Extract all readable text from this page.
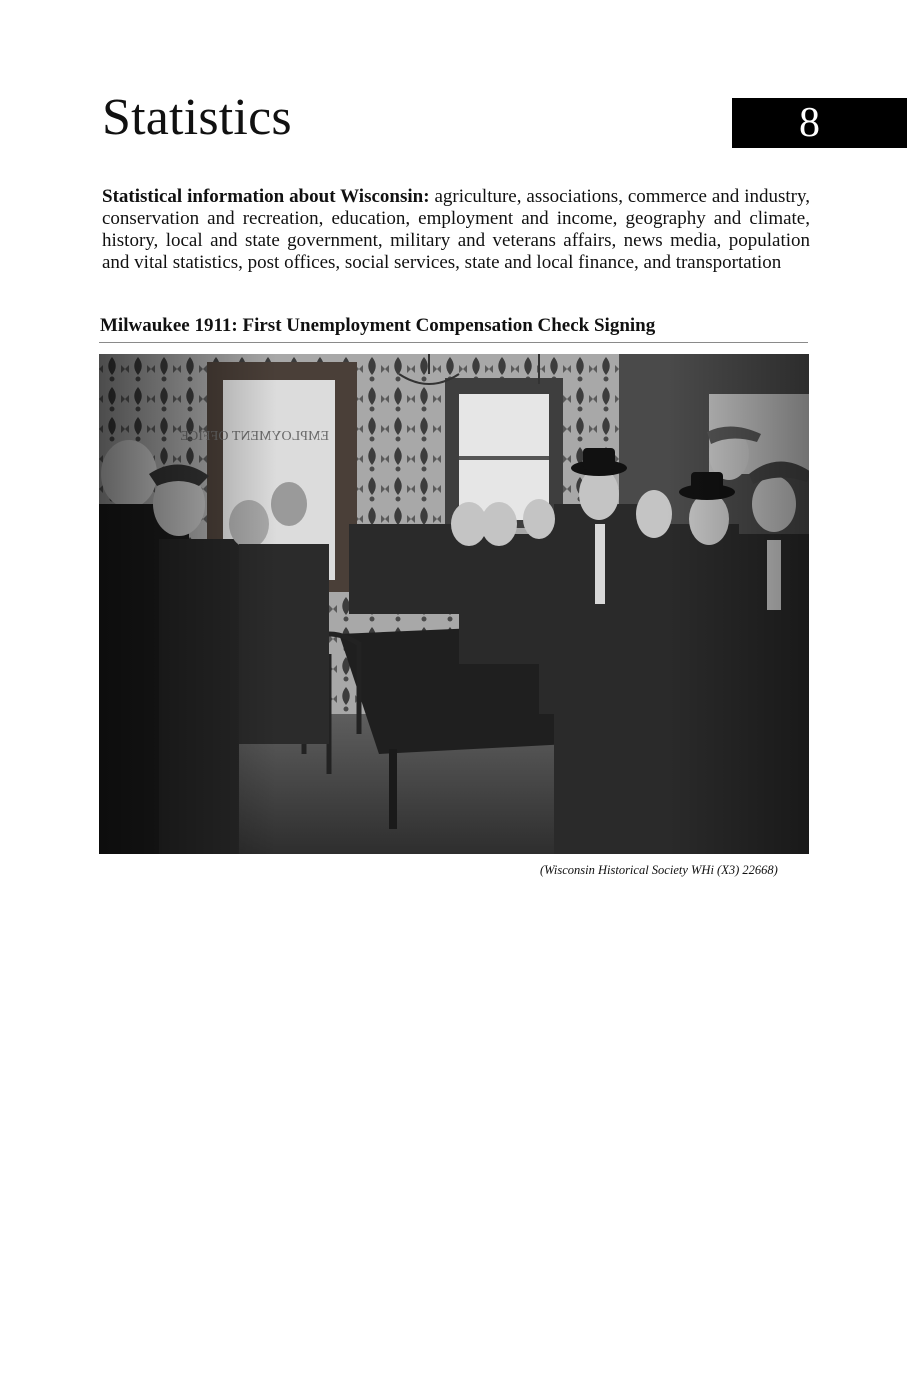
Statistics	8

Statistical information about Wisconsin: agriculture, associations, commerce and industry, conservation and recreation, education, employment and income, geography and climate, history, local and state government, military and veterans affairs, news media, population and vital statistics, post offices, social services, state and local finance, and transportation

Milwaukee 1911: First Unemployment Compensation Check Signing

(Wisconsin Historical Society WHi (X3) 22668)
